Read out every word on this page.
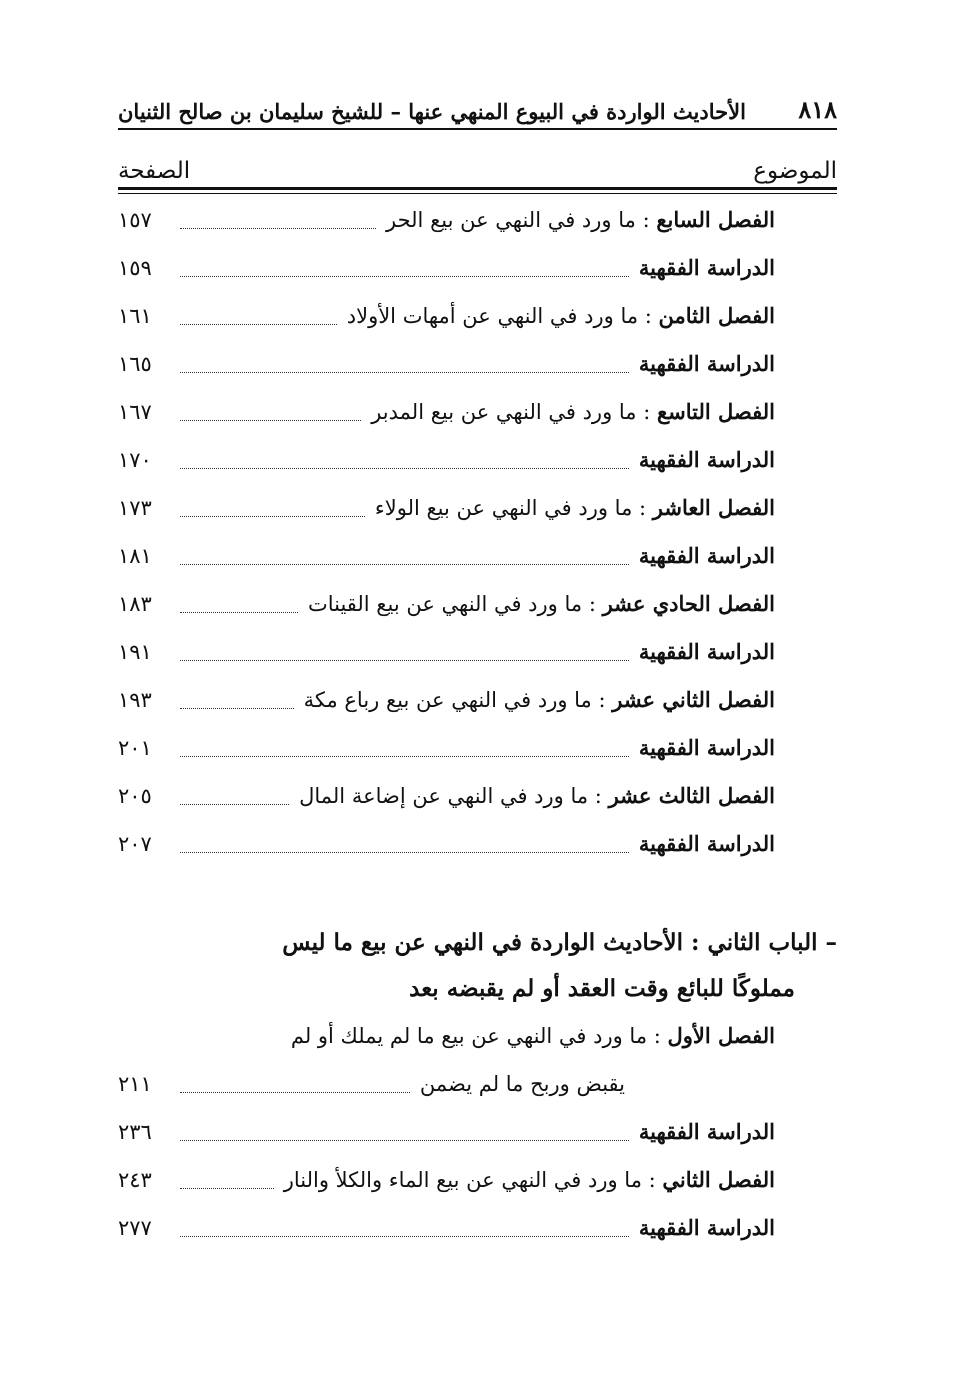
٨١٨
الأحاديث الواردة في البيوع المنهي عنها – للشيخ سليمان بن صالح الثنيان
الموضوع
الصفحة
الفصل السابع : ما ورد في النهي عن بيع الحر
١٥٧
الدراسة الفقهية
١٥٩
الفصل الثامن : ما ورد في النهي عن أمهات الأولاد
١٦١
الدراسة الفقهية
١٦٥
الفصل التاسع : ما ورد في النهي عن بيع المدبر
١٦٧
الدراسة الفقهية
١٧٠
الفصل العاشر : ما ورد في النهي عن بيع الولاء
١٧٣
الدراسة الفقهية
١٨١
الفصل الحادي عشر : ما ورد في النهي عن بيع القينات
١٨٣
الدراسة الفقهية
١٩١
الفصل الثاني عشر : ما ورد في النهي عن بيع رباع مكة
١٩٣
الدراسة الفقهية
٢٠١
الفصل الثالث عشر : ما ورد في النهي عن إضاعة المال
٢٠٥
الدراسة الفقهية
٢٠٧
– الباب الثاني : الأحاديث الواردة في النهي عن بيع ما ليس
مملوكًا للبائع وقت العقد أو لم يقبضه بعد
الفصل الأول : ما ورد في النهي عن بيع ما لم يملك أو لم
يقبض وربح ما لم يضمن
٢١١
الدراسة الفقهية
٢٣٦
الفصل الثاني : ما ورد في النهي عن بيع الماء والكلأ والنار
٢٤٣
الدراسة الفقهية
٢٧٧
